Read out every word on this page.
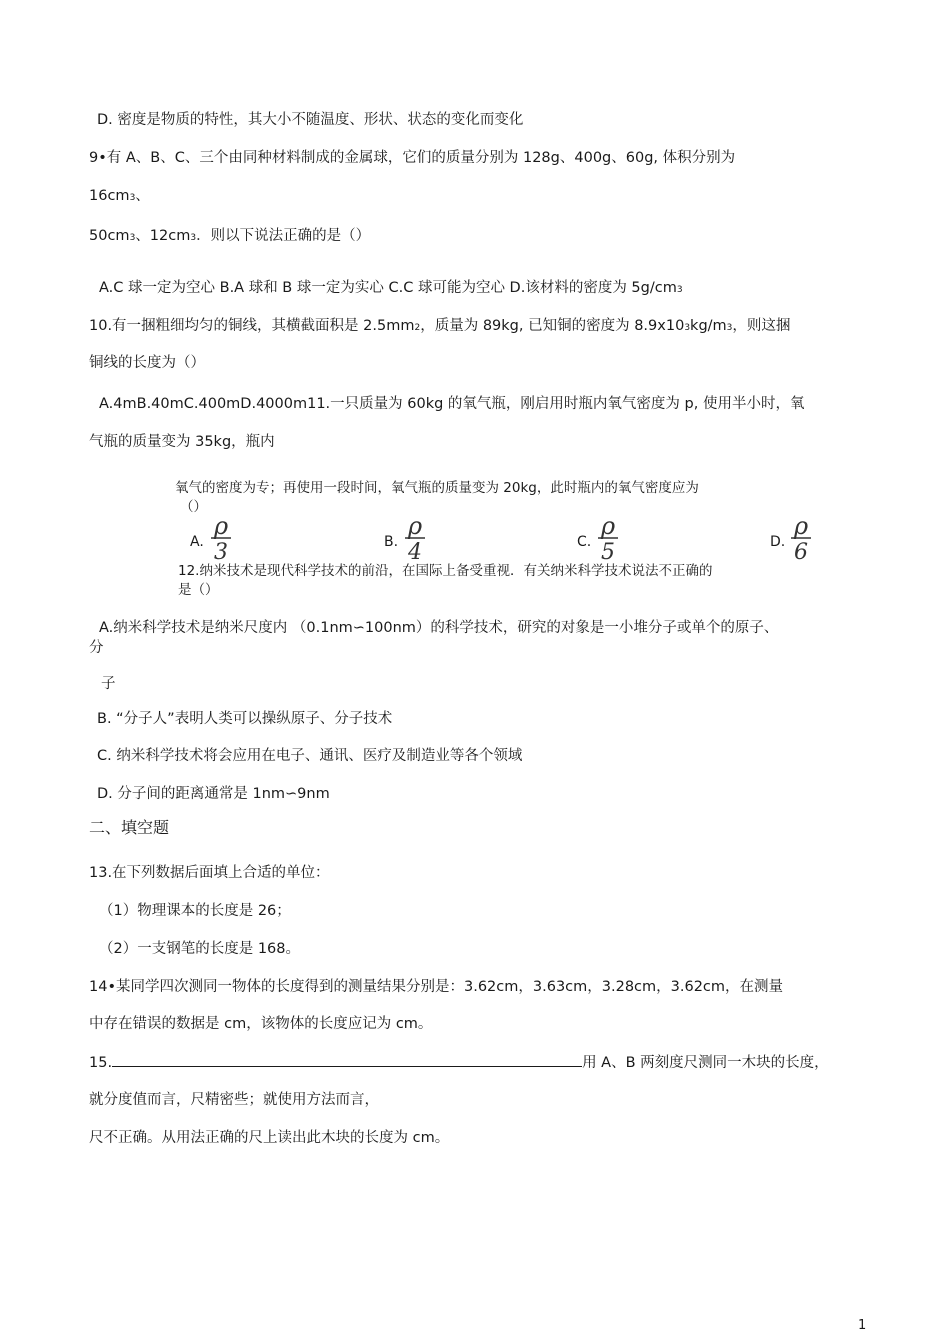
D. 密度是物质的特性，其大小不随温度、形状、状态的变化而变化
9•有 A、B、C、三个由同种材料制成的金属球，它们的质量分别为 128g、400g、60g, 体积分别为
16cm3、
50cm3、12cm3．则以下说法正确的是（）
A.C 球一定为空心 B.A 球和 B 球一定为实心 C.C 球可能为空心 D.该材料的密度为 5g/cm3
10.有一捆粗细均匀的铜线，其横截面积是 2.5mm2，质量为 89kg, 已知铜的密度为 8.9x103kg/m3，则这捆
铜线的长度为（）
A.4mB.40mC.400mD.4000m11.一只质量为 60kg 的氧气瓶，刚启用时瓶内氧气密度为 p, 使用半小时，氧
气瓶的质量变为 35kg，瓶内
氧气的密度为专；再使用一段时间，氧气瓶的质量变为 20kg，此时瓶内的氧气密度应为
（）
A.
ρ
3	B.
ρ
4	C.
ρ
5	D.
ρ
6
12.纳米技术是现代科学技术的前沿，在国际上备受重视．有关纳米科学技术说法不正确的
是（）
A.纳米科学技术是纳米尺度内 （0.1nm∽100nm）的科学技术，研究的对象是一小堆分子或单个的原子、
分
子
B. “分子人”表明人类可以操纵原子、分子技术
C. 纳米科学技术将会应用在电子、通讯、医疗及制造业等各个领域
D. 分子间的距离通常是 1nm∽9nm
二、填空题
13.在下列数据后面填上合适的单位：
（1）物理课本的长度是 26；
（2）一支钢笔的长度是 168。
14•某同学四次测同一物体的长度得到的测量结果分别是：3.62cm，3.63cm，3.28cm，3.62cm，在测量
中存在错误的数据是 cm，该物体的长度应记为 cm。
15.	用 A、B 两刻度尺测同一木块的长度，
就分度值而言，尺精密些；就使用方法而言，
尺不正确。从用法正确的尺上读出此木块的长度为 cm。
1
